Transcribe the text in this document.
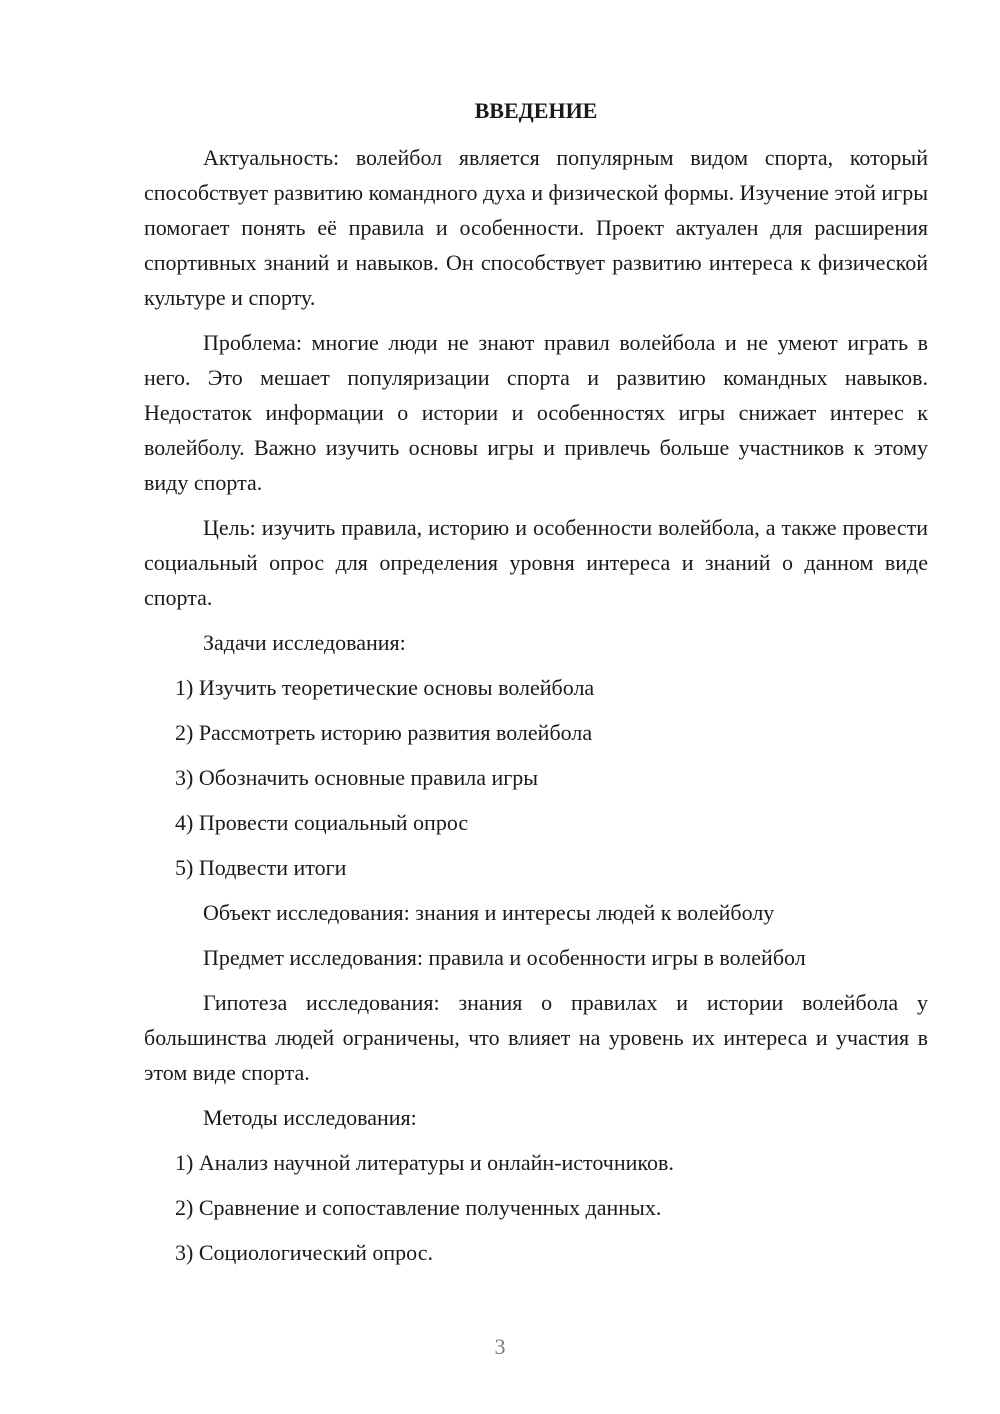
ВВЕДЕНИЕ

Актуальность: волейбол является популярным видом спорта, который способствует развитию командного духа и физической формы. Изучение этой игры помогает понять её правила и особенности. Проект актуален для расширения спортивных знаний и навыков. Он способствует развитию интереса к физической культуре и спорту.

Проблема: многие люди не знают правил волейбола и не умеют играть в него. Это мешает популяризации спорта и развитию командных навыков. Недостаток информации о истории и особенностях игры снижает интерес к волейболу. Важно изучить основы игры и привлечь больше участников к этому виду спорта.

Цель: изучить правила, историю и особенности волейбола, а также провести социальный опрос для определения уровня интереса и знаний о данном виде спорта.

Задачи исследования:
1) Изучить теоретические основы волейбола
2) Рассмотреть историю развития волейбола
3) Обозначить основные правила игры
4) Провести социальный опрос
5) Подвести итоги
Объект исследования: знания и интересы людей к волейболу
Предмет исследования: правила и особенности игры в волейбол

Гипотеза исследования: знания о правилах и истории волейбола у большинства людей ограничены, что влияет на уровень их интереса и участия в этом виде спорта.

Методы исследования:
1) Анализ научной литературы и онлайн-источников.
2) Сравнение и сопоставление полученных данных.
3) Социологический опрос.
3
